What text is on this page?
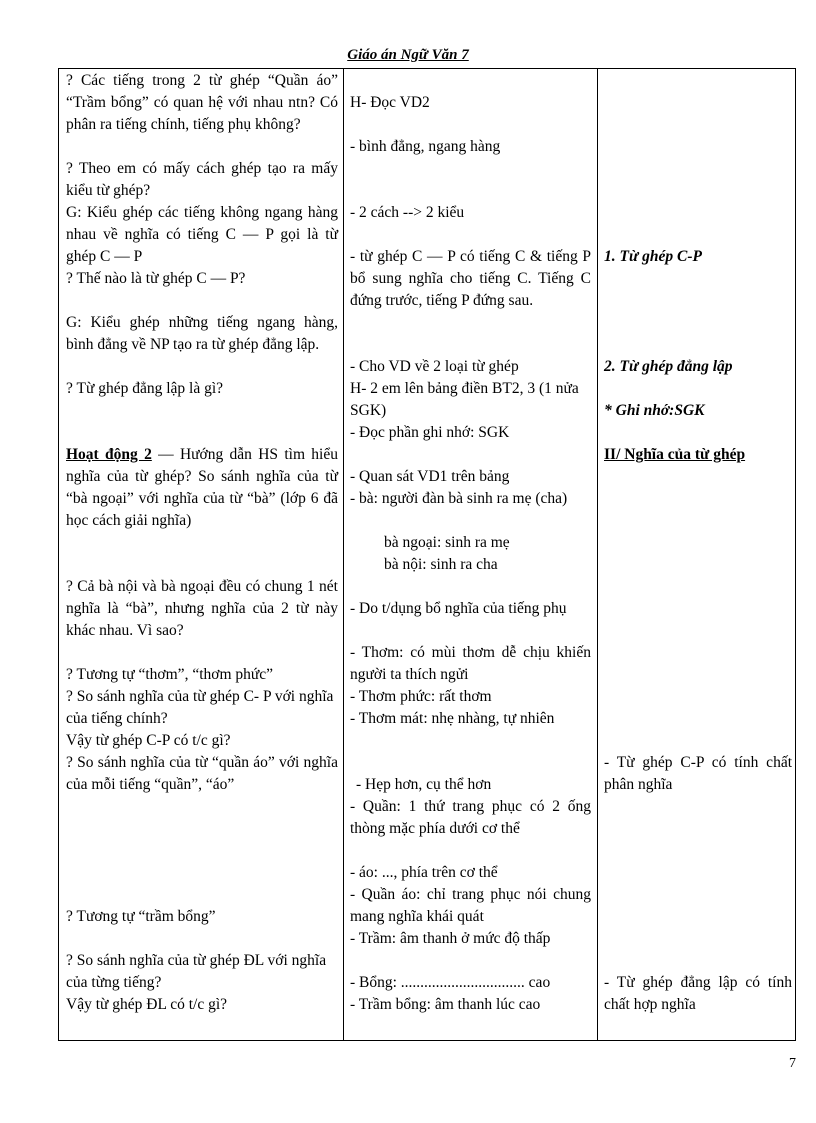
Giáo án Ngữ Văn 7
? Các tiếng trong 2 từ ghép “Quần áo” “Trầm bổng” có quan hệ với nhau ntn? Có phân ra tiếng chính, tiếng phụ không?
? Theo em có mấy cách ghép tạo ra mấy kiểu từ ghép?
G: Kiểu ghép các tiếng không ngang hàng nhau về nghĩa có tiếng C — P gọi là từ ghép C — P
? Thế nào là từ ghép C — P?
G: Kiểu ghép những tiếng ngang hàng, bình đẳng về NP tạo ra từ ghép đẳng lập.
? Từ ghép đẳng lập là gì?
Hoạt động 2 — Hướng dẫn HS tìm hiểu nghĩa của từ ghép? So sánh nghĩa của từ “bà ngoại” với nghĩa của từ “bà” (lớp 6 đã học cách giải nghĩa)
? Cả bà nội và bà ngoại đều có chung 1 nét nghĩa là “bà”, nhưng nghĩa của 2 từ này khác nhau. Vì sao?
? Tương tự “thơm”, “thơm phức”
? So sánh nghĩa của từ ghép C- P với nghĩa của tiếng chính?
Vậy từ ghép C-P có t/c gì?
? So sánh nghĩa của từ “quần áo” với nghĩa của mỗi tiếng “quần”, “áo”
? Tương tự “trầm bổng”
? So sánh nghĩa của từ ghép ĐL với nghĩa của từng tiếng?
Vậy từ ghép ĐL có t/c gì?
H- Đọc VD2
- bình đẳng, ngang hàng
- 2 cách --> 2 kiểu
- từ ghép C — P có tiếng C & tiếng P bổ sung nghĩa cho tiếng C. Tiếng C đứng trước, tiếng P đứng sau.
- Cho VD về 2 loại từ ghép
H- 2 em lên bảng điền BT2, 3 (1 nửa SGK)
- Đọc phần ghi nhớ: SGK
- Quan sát VD1 trên bảng
- bà: người đàn bà sinh ra mẹ (cha)
bà ngoại: sinh ra mẹ
bà nội: sinh ra cha
- Do t/dụng bổ nghĩa của tiếng phụ
- Thơm: có mùi thơm dễ chịu khiến người ta thích ngửi
- Thơm phức: rất thơm
- Thơm mát: nhẹ nhàng, tự nhiên
- Hẹp hơn, cụ thể hơn
- Quần: 1 thứ trang phục có 2 ống thòng mặc phía dưới cơ thể
- áo: ..., phía trên cơ thể
- Quần áo: chỉ trang phục nói chung mang nghĩa khái quát
- Trầm: âm thanh ở mức độ thấp
- Bổng: ................................ cao
- Trầm bổng: âm thanh lúc cao
1. Từ ghép C-P
2. Từ ghép đẳng lập
* Ghi nhớ:SGK
II/ Nghĩa của từ ghép
- Từ ghép C-P có tính chất phân nghĩa
- Từ ghép đẳng lập có tính chất hợp nghĩa
7
